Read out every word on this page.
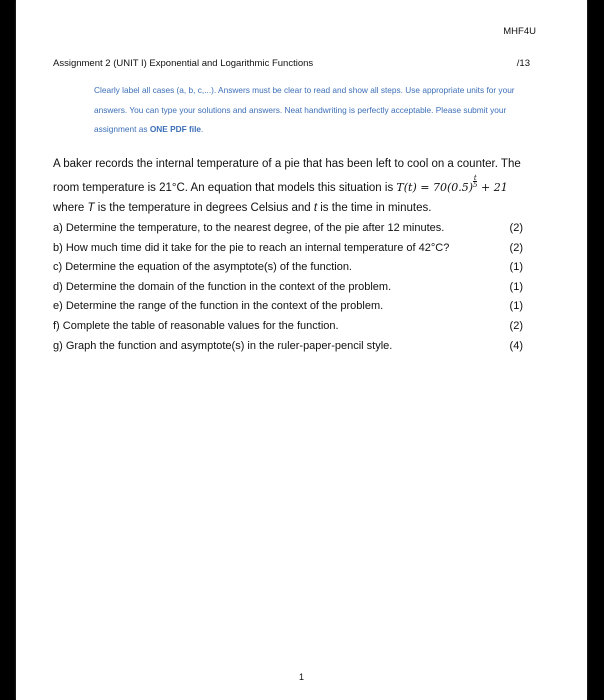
MHF4U
Assignment 2 (UNIT I) Exponential and Logarithmic Functions	/13
Clearly label all cases (a, b, c,...). Answers must be clear to read and show all steps. Use appropriate units for your answers. You can type your solutions and answers. Neat handwriting is perfectly acceptable. Please submit your assignment as ONE PDF file.
A baker records the internal temperature of a pie that has been left to cool on a counter. The
room temperature is 21°C. An equation that models this situation is $T(t) = 70(0.5) \frac{t}{5} + 21$
where T is the temperature in degrees Celsius and t is the time in minutes.
a) Determine the temperature, to the nearest degree, of the pie after 12 minutes.	(2)
b) How much time did it take for the pie to reach an internal temperature of 42°C?	(2)
c) Determine the equation of the asymptote(s) of the function.	(1)
d) Determine the domain of the function in the context of the problem.	(1)
e) Determine the range of the function in the context of the problem.	(1)
f) Complete the table of reasonable values for the function.	(2)
g) Graph the function and asymptote(s) in the ruler-paper-pencil style.	(4)
1
